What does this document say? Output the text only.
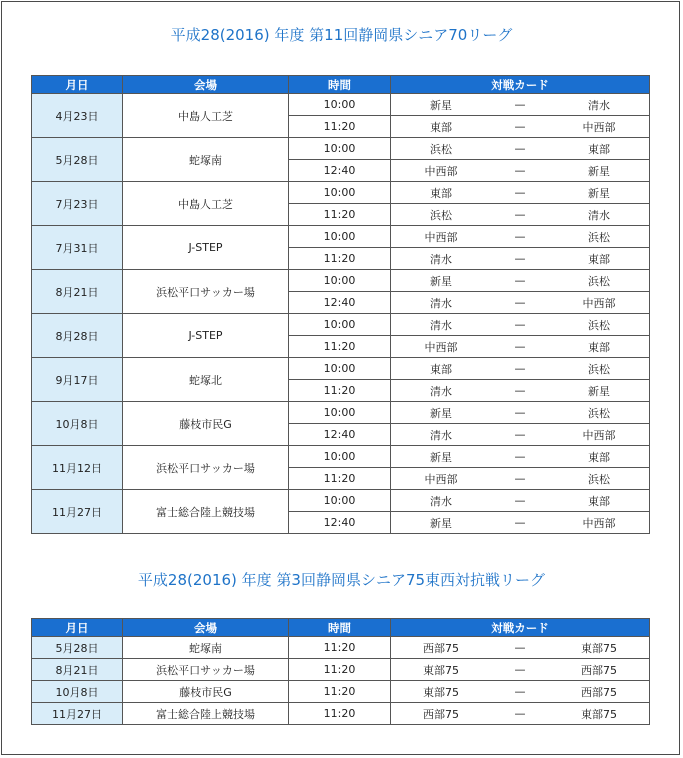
平成28(2016) 年度 第11回静岡県シニア70リーグ
月日	会場	時間	対戦カード
4月23日	中島人工芝	10:00	新星 — 清水

		11:20	東部 — 中西部

5月28日	蛇塚南	10:00	浜松 — 東部

		12:40	中西部 — 新星

7月23日	中島人工芝	10:00	東部 — 新星

		11:20	浜松 — 清水

7月31日	J-STEP	10:00	中西部 — 浜松

		11:20	清水 — 東部

8月21日	浜松平口サッカー場	10:00	新星 — 浜松

		12:40	清水 — 中西部

8月28日	J-STEP	10:00	清水 — 浜松

		11:20	中西部 — 東部

9月17日	蛇塚北	10:00	東部 — 浜松

		11:20	清水 — 新星

10月8日	藤枝市民G	10:00	新星 — 浜松

		12:40	清水 — 中西部

11月12日	浜松平口サッカー場	10:00	新星 — 東部

		11:20	中西部 — 浜松

11月27日	富士総合陸上競技場	10:00	清水 — 東部

		12:40	新星 — 中西部
平成28(2016) 年度 第3回静岡県シニア75東西対抗戦リーグ
月日	会場	時間	対戦カード
5月28日	蛇塚南	11:20	西部75 — 東部75

8月21日	浜松平口サッカー場	11:20	東部75 — 西部75

10月8日	藤枝市民G	11:20	東部75 — 西部75

11月27日	富士総合陸上競技場	11:20	西部75 — 東部75
